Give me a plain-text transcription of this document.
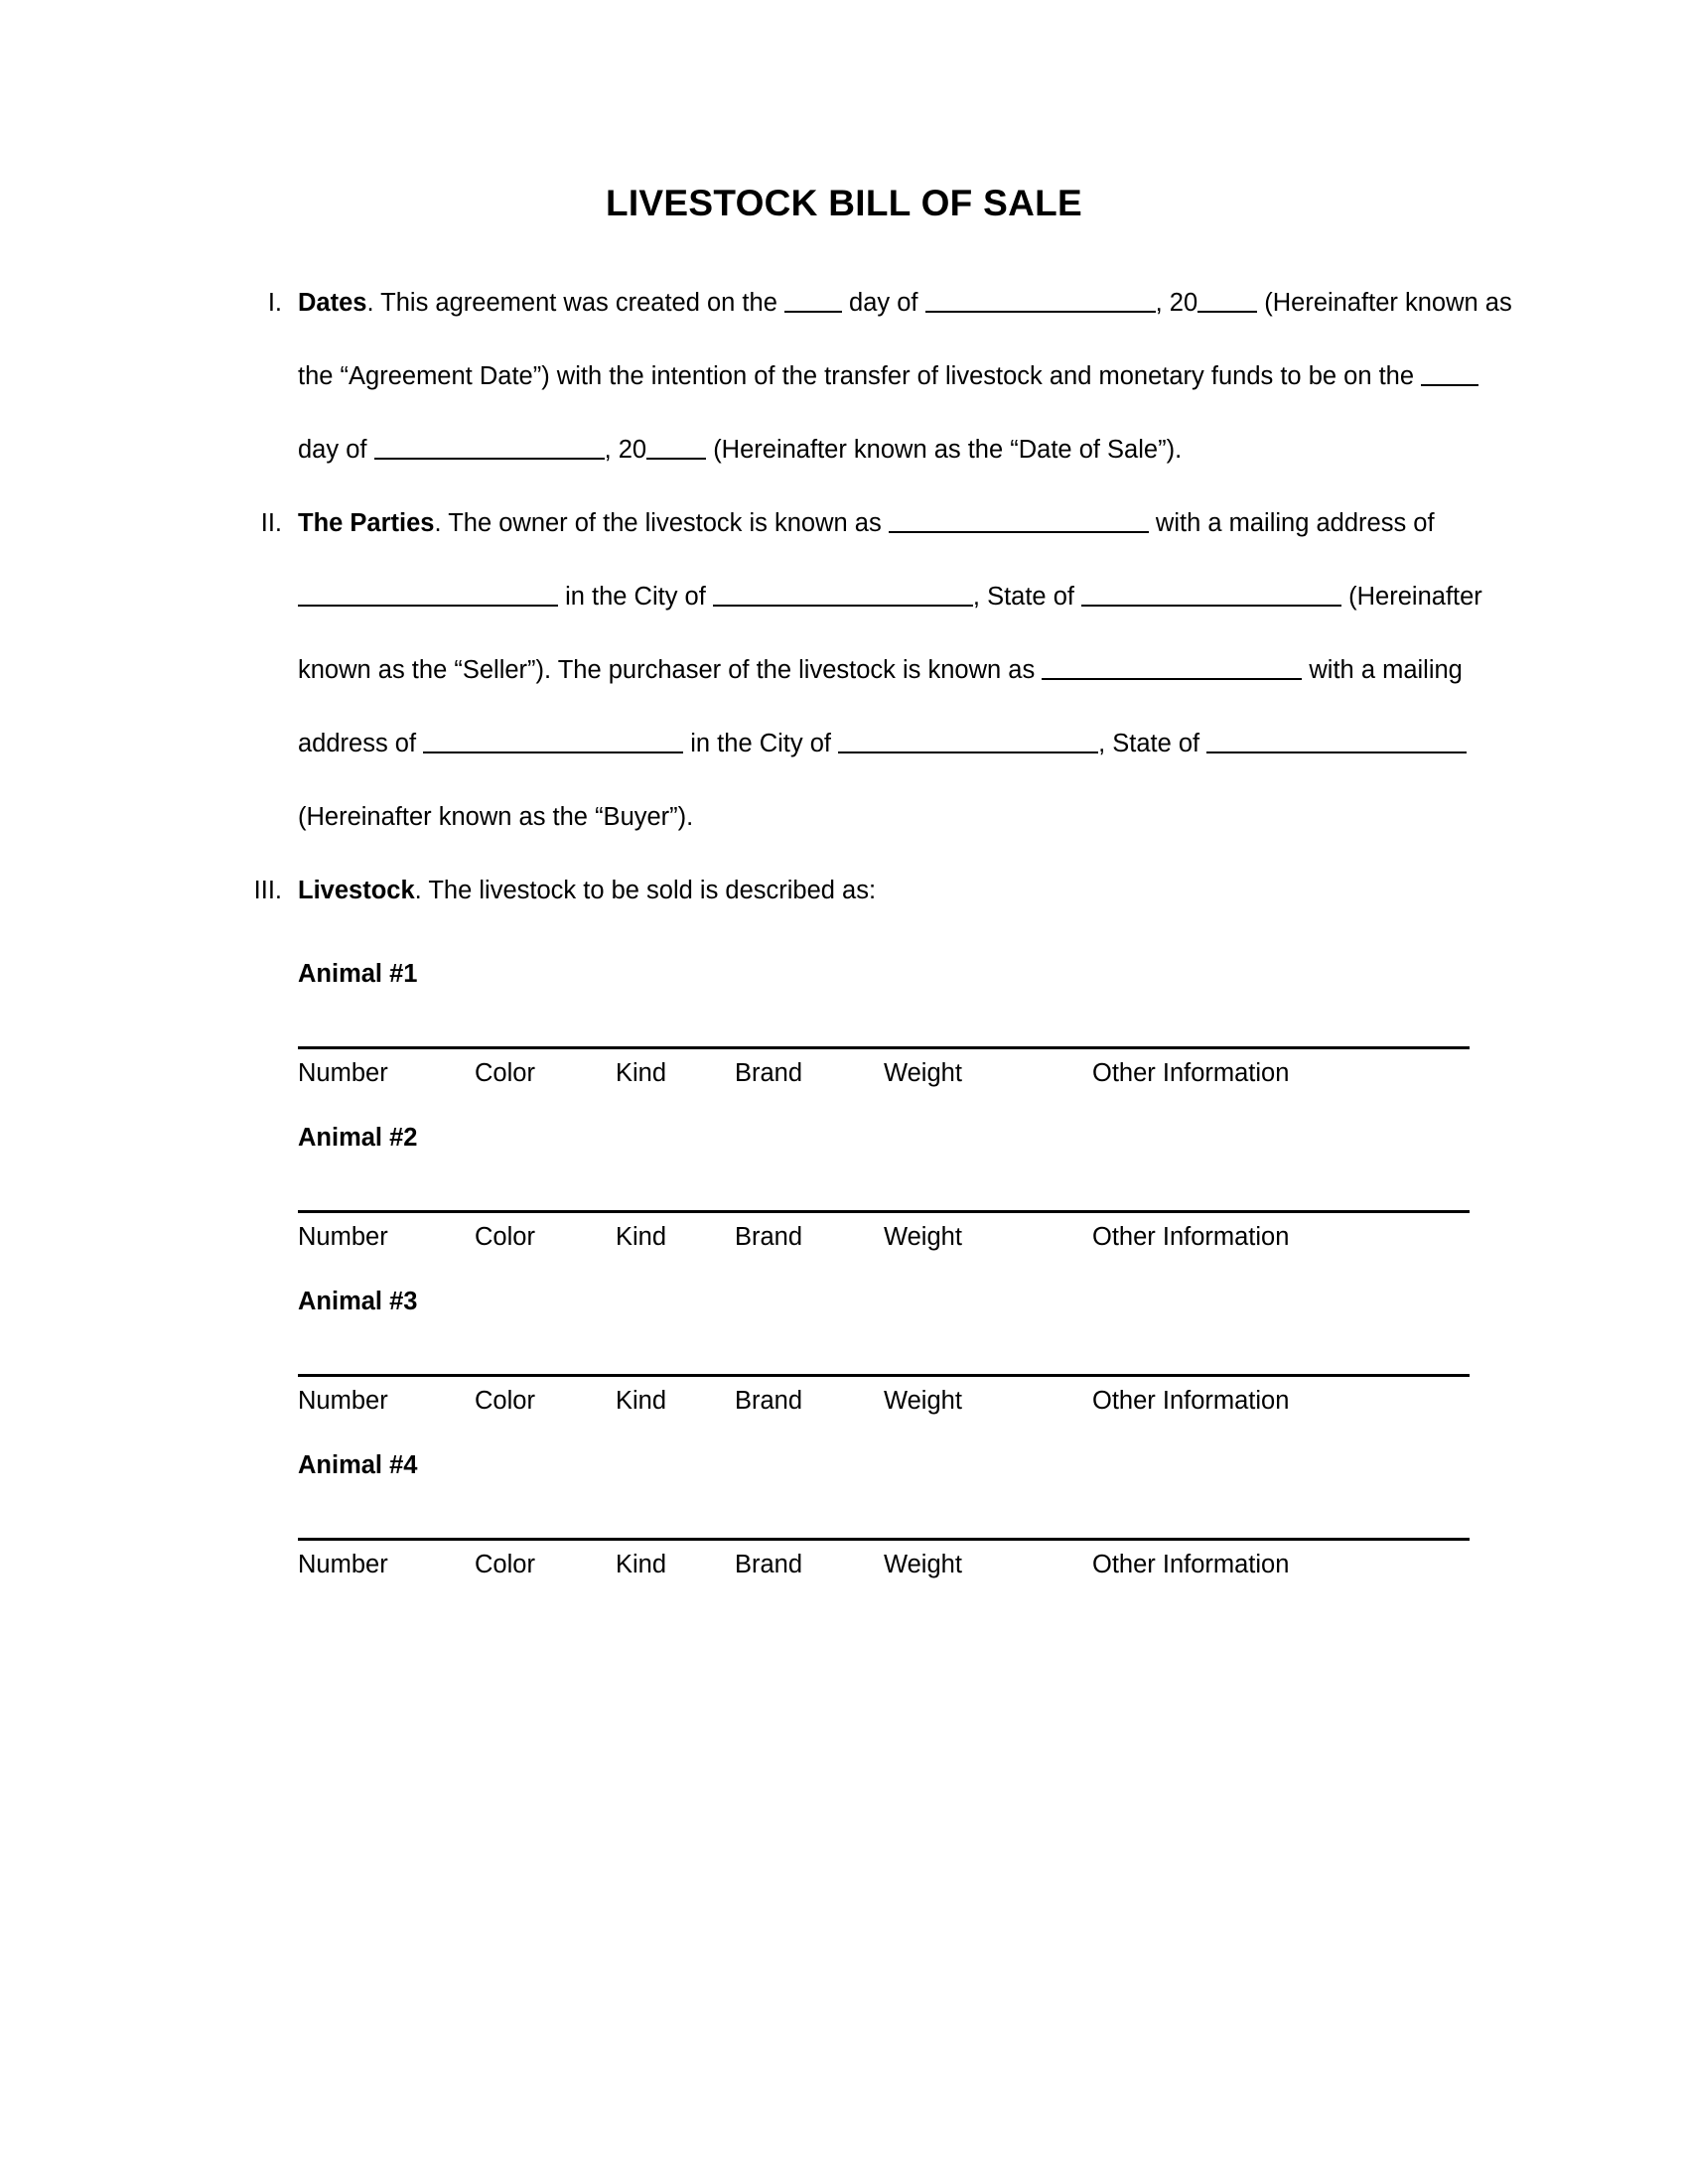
LIVESTOCK BILL OF SALE
I. Dates. This agreement was created on the  day of	, 20 (Hereinafter known as the “Agreement Date”) with the intention of the transfer of livestock and monetary funds to be on the  day of	, 20 (Hereinafter known as the “Date of Sale”).
II. The Parties. The owner of the livestock is known as	with a mailing address of  in the City of	, State of	(Hereinafter known as the “Seller”). The purchaser of the livestock is known as	with a mailing address of	in the City of	, State of  (Hereinafter known as the “Buyer”).
III. Livestock. The livestock to be sold is described as:
Animal #1
Number	Color	Kind	Brand	Weight	Other Information
Animal #2
Number	Color	Kind	Brand	Weight	Other Information
Animal #3
Number	Color	Kind	Brand	Weight	Other Information
Animal #4
Number	Color	Kind	Brand	Weight	Other Information
